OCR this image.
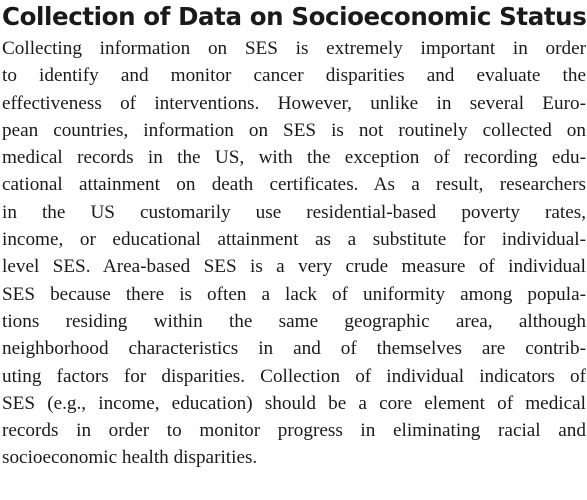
Collection of Data on Socioeconomic Status
Collecting information on SES is extremely important in order
to identify and monitor cancer disparities and evaluate the
effectiveness of interventions. However, unlike in several Euro-
pean countries, information on SES is not routinely collected on
medical records in the US, with the exception of recording edu-
cational attainment on death certificates. As a result, researchers
in the US customarily use residential-based poverty rates,
income, or educational attainment as a substitute for individual-
level SES. Area-based SES is a very crude measure of individual
SES because there is often a lack of uniformity among popula-
tions residing within the same geographic area, although
neighborhood characteristics in and of themselves are contrib-
uting factors for disparities. Collection of individual indicators of
SES (e.g., income, education) should be a core element of medical
records in order to monitor progress in eliminating racial and
socioeconomic health disparities.
